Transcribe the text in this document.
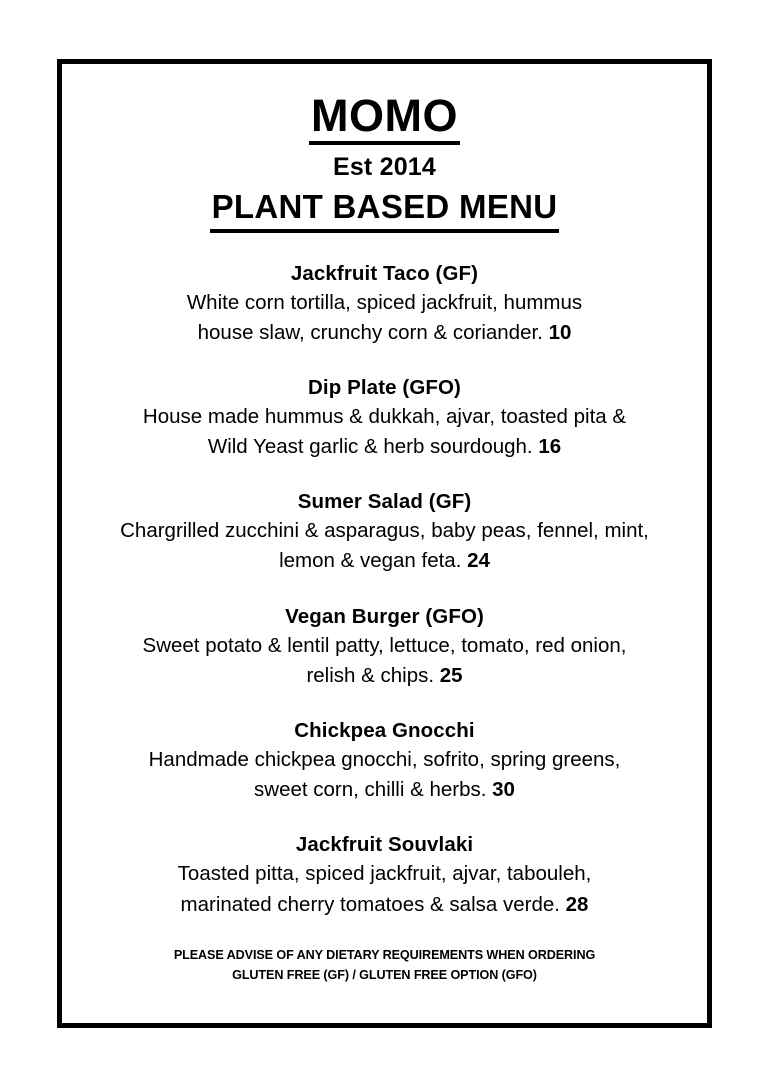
MOMO
Est 2014
PLANT BASED MENU
Jackfruit Taco (GF)
White corn tortilla, spiced jackfruit, hummus
house slaw, crunchy corn & coriander. 10
Dip Plate (GFO)
House made hummus & dukkah, ajvar, toasted pita &
Wild Yeast garlic & herb sourdough. 16
Sumer Salad (GF)
Chargrilled zucchini & asparagus, baby peas, fennel, mint,
lemon & vegan feta. 24
Vegan Burger (GFO)
Sweet potato & lentil patty, lettuce, tomato, red onion,
relish & chips. 25
Chickpea Gnocchi
Handmade chickpea gnocchi, sofrito, spring greens,
sweet corn, chilli & herbs. 30
Jackfruit Souvlaki
Toasted pitta, spiced jackfruit, ajvar, tabouleh,
marinated cherry tomatoes & salsa verde. 28
PLEASE ADVISE OF ANY DIETARY REQUIREMENTS WHEN ORDERING
GLUTEN FREE (GF) / GLUTEN FREE OPTION (GFO)
